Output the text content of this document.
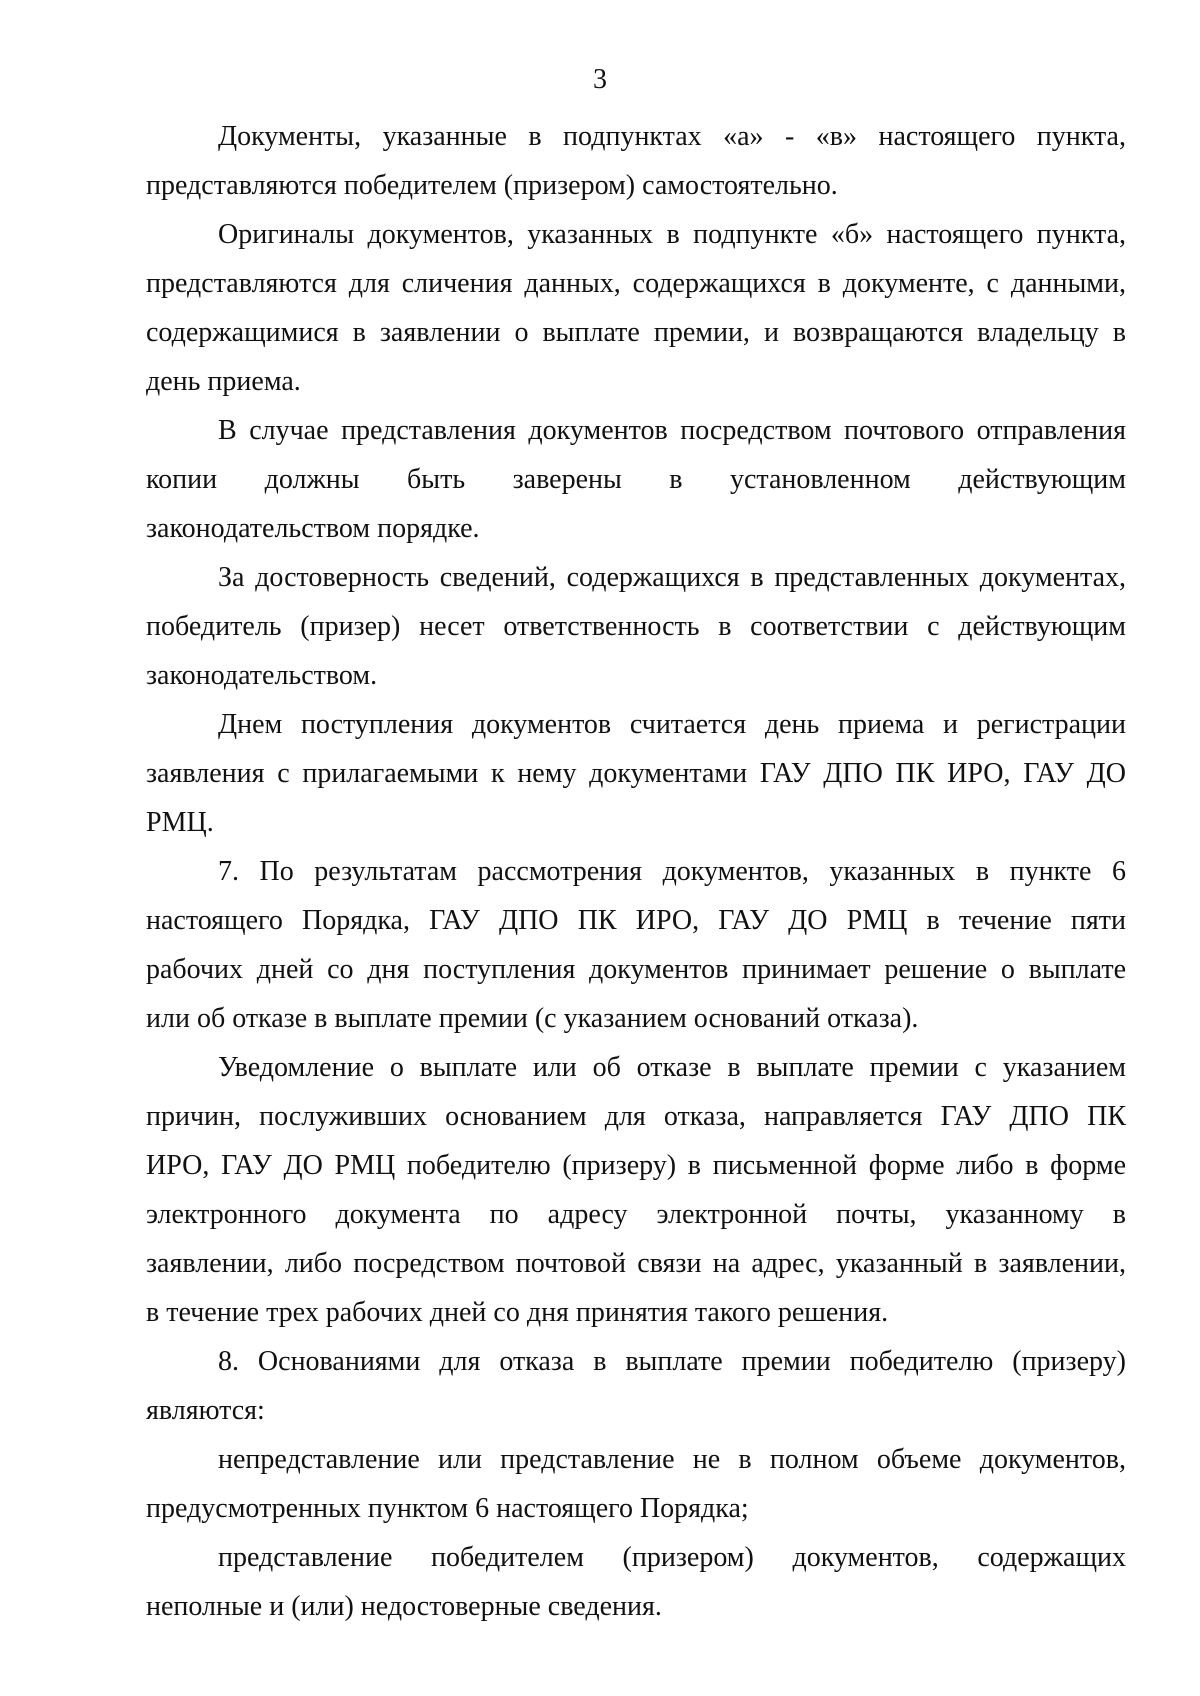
3
Документы, указанные в подпунктах «а» - «в» настоящего пункта,
представляются победителем (призером) самостоятельно.
Оригиналы документов, указанных в подпункте «б» настоящего пункта,
представляются для сличения данных, содержащихся в документе, с данными,
содержащимися в заявлении о выплате премии, и возвращаются владельцу в
день приема.
В случае представления документов посредством почтового отправления
копии должны быть заверены в установленном действующим
законодательством порядке.
За достоверность сведений, содержащихся в представленных документах,
победитель (призер) несет ответственность в соответствии с действующим
законодательством.
Днем поступления документов считается день приема и регистрации
заявления с прилагаемыми к нему документами ГАУ ДПО ПК ИРО, ГАУ ДО
РМЦ.
7. По результатам рассмотрения документов, указанных в пункте 6
настоящего Порядка, ГАУ ДПО ПК ИРО, ГАУ ДО РМЦ в течение пяти
рабочих дней со дня поступления документов принимает решение о выплате
или об отказе в выплате премии (с указанием оснований отказа).
Уведомление о выплате или об отказе в выплате премии с указанием
причин, послуживших основанием для отказа, направляется ГАУ ДПО ПК
ИРО, ГАУ ДО РМЦ победителю (призеру) в письменной форме либо в форме
электронного документа по адресу электронной почты, указанному в
заявлении, либо посредством почтовой связи на адрес, указанный в заявлении,
в течение трех рабочих дней со дня принятия такого решения.
8. Основаниями для отказа в выплате премии победителю (призеру)
являются:
непредставление или представление не в полном объеме документов,
предусмотренных пунктом 6 настоящего Порядка;
представление победителем (призером) документов, содержащих
неполные и (или) недостоверные сведения.
